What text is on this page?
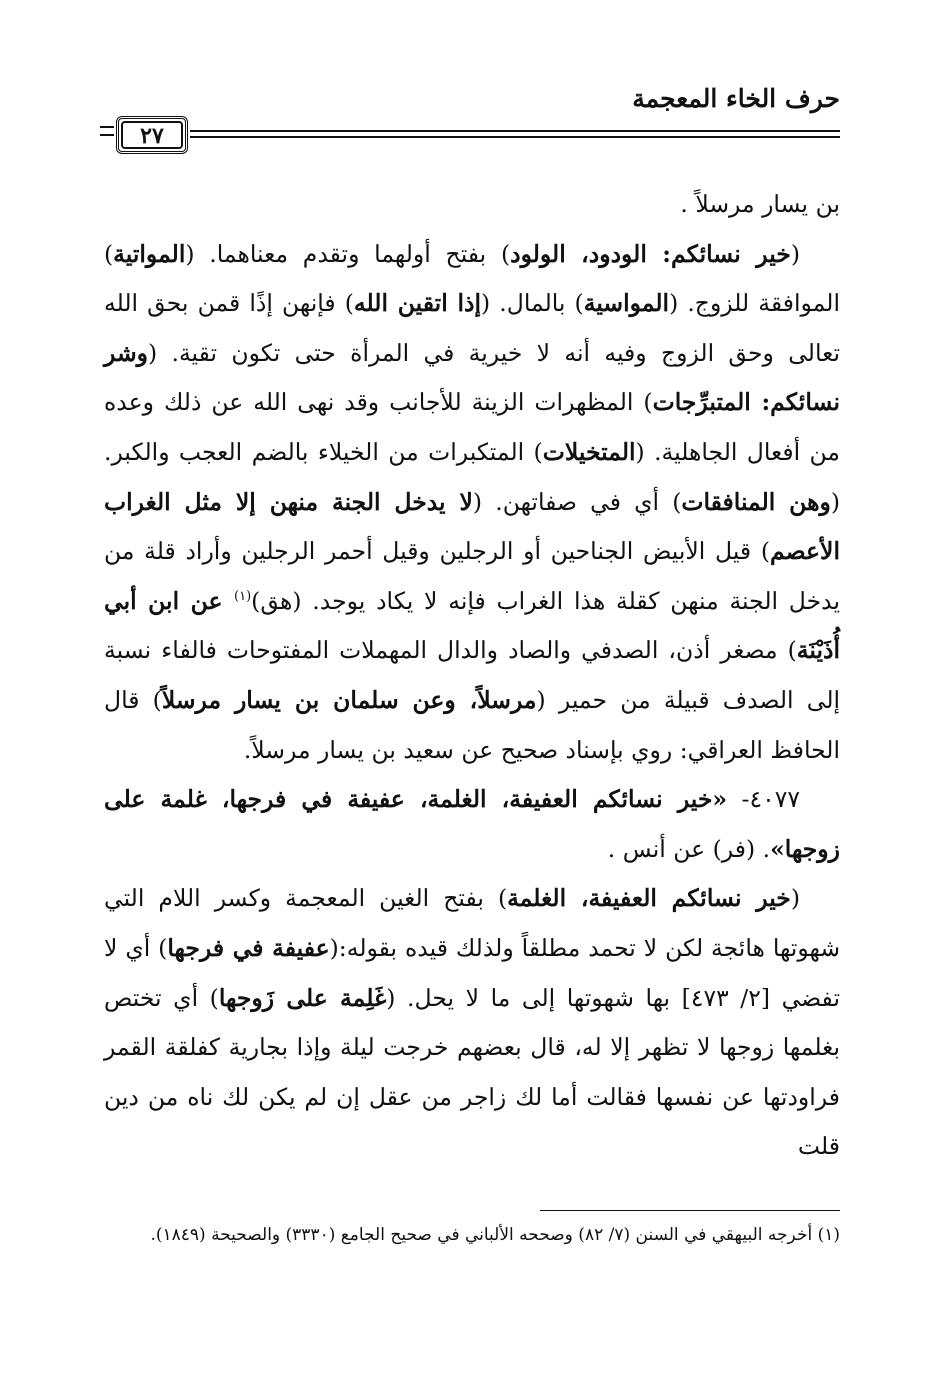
حرف الخاء المعجمة
٢٧

بن يسار مرسلاً .

(خير نسائكم: الودود، الولود) بفتح أولهما وتقدم معناهما. (المواتية) الموافقة للزوج. (المواسية) بالمال. (إذا اتقين الله) فإنهن إذًا قمن بحق الله تعالى وحق الزوج وفيه أنه لا خيرية في المرأة حتى تكون تقية. (وشر نسائكم: المتبرِّجات) المظهرات الزينة للأجانب وقد نهى الله عن ذلك وعده من أفعال الجاهلية. (المتخيلات) المتكبرات من الخيلاء بالضم العجب والكبر. (وهن المنافقات) أي في صفاتهن. (لا يدخل الجنة منهن إلا مثل الغراب الأعصم) قيل الأبيض الجناحين أو الرجلين وقيل أحمر الرجلين وأراد قلة من يدخل الجنة منهن كقلة هذا الغراب فإنه لا يكاد يوجد. (هق)$^{(١)}$ عن ابن أبي أُذَيْنَة) مصغر أذن، الصدفي والصاد والدال المهملات المفتوحات فالفاء نسبة إلى الصدف قبيلة من حمير (مرسلاً، وعن سلمان بن يسار مرسلاً) قال الحافظ العراقي: روي بإسناد صحيح عن سعيد بن يسار مرسلاً.

٤٠٧٧- «خير نسائكم العفيفة، الغلمة، عفيفة في فرجها، غلمة على زوجها». (فر) عن أنس .

(خير نسائكم العفيفة، الغلمة) بفتح الغين المعجمة وكسر اللام التي شهوتها هائجة لكن لا تحمد مطلقاً ولذلك قيده بقوله:(عفيفة في فرجها) أي لا تفضي [٢/ ٤٧٣] بها شهوتها إلى ما لا يحل. (غَلِمة على زَوجها) أي تختص بغلمها زوجها لا تظهر إلا له، قال بعضهم خرجت ليلة وإذا بجارية كفلقة القمر فراودتها عن نفسها فقالت أما لك زاجر من عقل إن لم يكن لك ناه من دين قلت

(١) أخرجه البيهقي في السنن (٧/ ٨٢) وصححه الألباني في صحيح الجامع (٣٣٣٠) والصحيحة (١٨٤٩).
